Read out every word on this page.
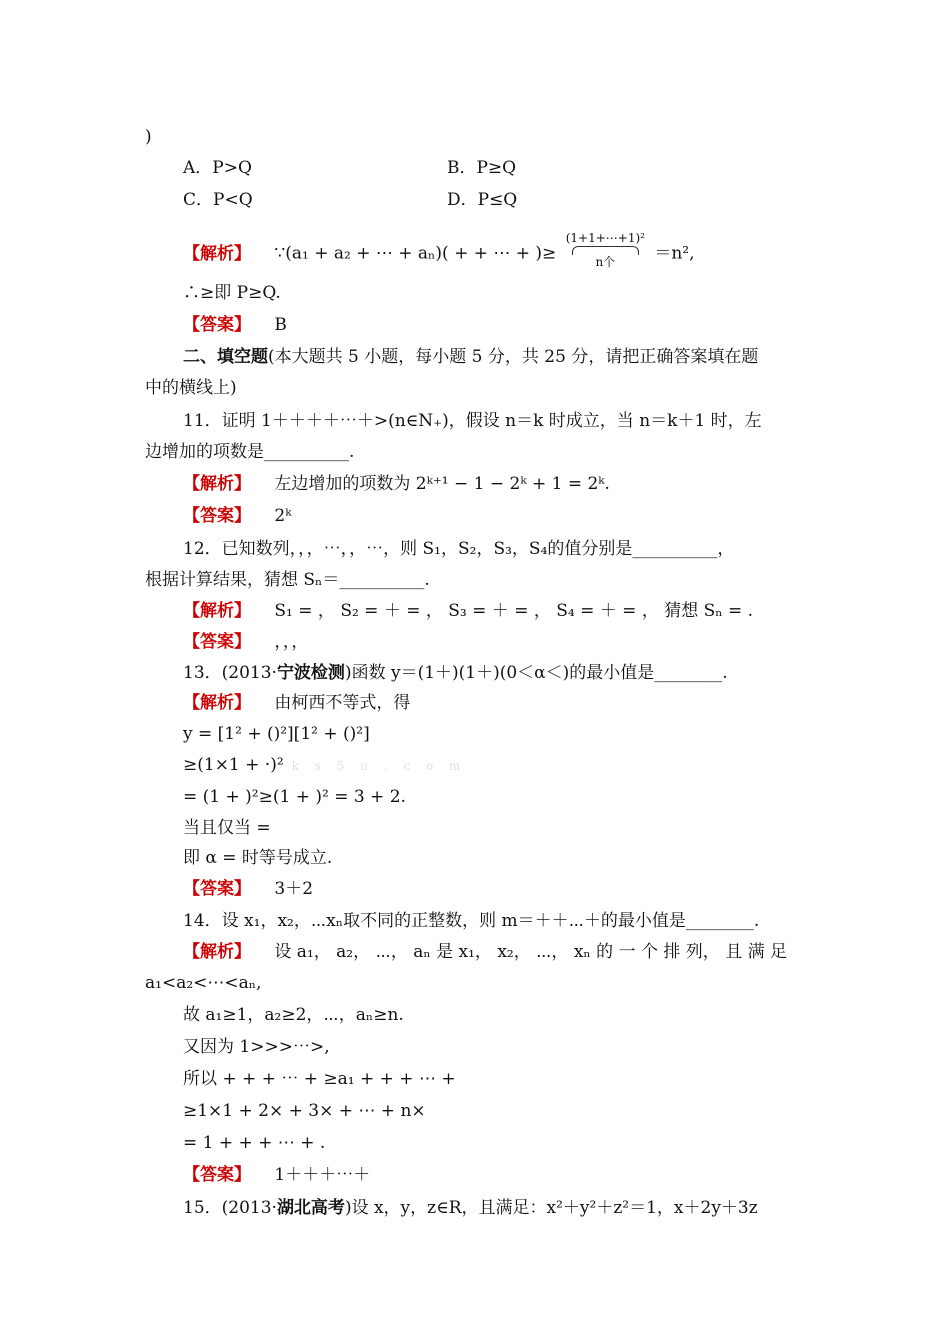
)
A．P>Q	B．P≥Q
C．P<Q	D．P≤Q
【解析】 ∵(a₁ + a₂ + ⋯ + aₙ)( + + ⋯ + )≥
(1+1+⋯+1)²
n个	＝n²,
∴≥即 P≥Q.
【答案】 B
二、填空题(本大题共 5 小题，每小题 5 分，共 25 分，请把正确答案填在题
中的横线上)
11．证明 1＋＋＋＋⋯＋>(n∈N₊)，假设 n＝k 时成立，当 n＝k＋1 时，左
边增加的项数是__________.
【解析】 左边增加的项数为 2ᵏ⁺¹ − 1 − 2ᵏ + 1 = 2ᵏ.
【答案】 2ᵏ
12．已知数列，，，⋯，，⋯，则 S₁，S₂，S₃，S₄的值分别是__________，
根据计算结果，猜想 Sₙ＝__________.
【解析】 S₁ = ， S₂ = ＋ = ， S₃ = ＋ = ， S₄ = ＋ = ， 猜想 Sₙ = .
【答案】 ，，，
13．(2013·宁波检测)函数 y＝(1＋)(1＋)(0＜α＜)的最小值是________.
【解析】 由柯西不等式，得
y = [1² + ()²][1² + ()²]
≥(1×1 + ·)² k s 5 u . c o m
= (1 + )²≥(1 + )² = 3 + 2.
当且仅当 =
即 α = 时等号成立.
【答案】 3＋2
14．设 x₁，x₂，⋯xₙ取不同的正整数，则 m＝＋＋⋯＋的最小值是________.
【解析】 设 a₁， a₂， ⋯， aₙ 是 x₁， x₂， ⋯， xₙ 的 一 个 排 列， 且 满 足
a₁<a₂<⋯<aₙ,
故 a₁≥1，a₂≥2，⋯，aₙ≥n.
又因为 1>>>⋯>,
所以 + + + ⋯ + ≥a₁ + + + ⋯ +
≥1×1 + 2× + 3× + ⋯ + n×
= 1 + + + ⋯ + .
【答案】 1＋＋＋⋯＋
15．(2013·湖北高考)设 x，y，z∈R，且满足：x²＋y²＋z²＝1，x＋2y＋3z
